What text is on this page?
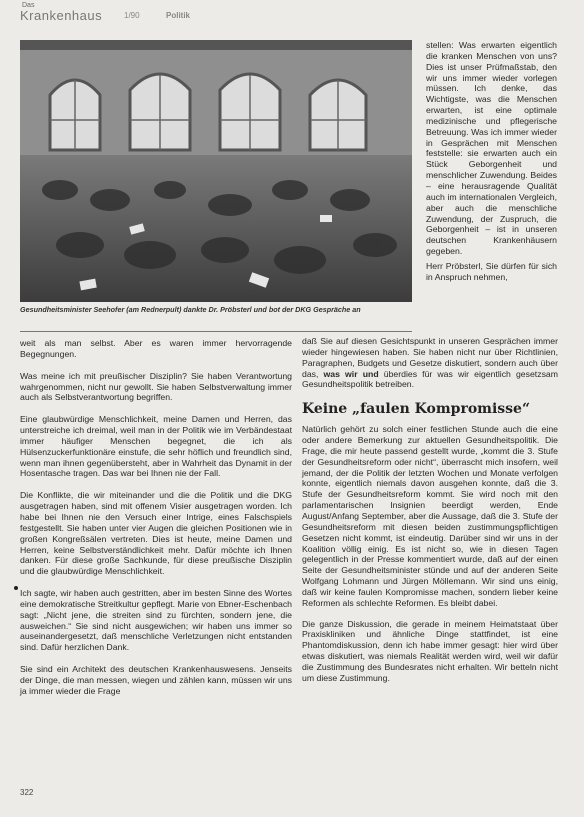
Das
Krankenhaus	1/90	Politik
Gesundheitsminister Seehofer (am Rednerpult) dankte Dr. Pröbsterl und bot der DKG Gespräche an
stellen: Was erwarten eigentlich die kranken Menschen von uns? Dies ist unser Prüfmaßstab, den wir uns immer wieder vorlegen müssen. Ich denke, das Wichtigste, was die Menschen erwarten, ist eine optimale medizinische und pflegerische Betreuung. Was ich immer wieder in Gesprächen mit Menschen feststelle: sie erwarten auch ein Stück Geborgenheit und menschlicher Zuwendung. Beides – eine herausragende Qualität auch im internationalen Vergleich, aber auch die menschliche Zuwendung, der Zuspruch, die Geborgenheit – ist in unseren deutschen Krankenhäusern gegeben.
Herr Pröbsterl, Sie dürfen für sich in Anspruch nehmen,

weit als man selbst. Aber es waren immer hervorragende Begegnungen.

Was meine ich mit preußischer Disziplin? Sie haben Verantwortung wahrgenommen, nicht nur gewollt. Sie haben Selbstverwaltung immer auch als Selbstverantwortung begriffen.

Eine glaubwürdige Menschlichkeit, meine Damen und Herren, das unterstreiche ich dreimal, weil man in der Politik wie im Verbändestaat immer häufiger Menschen begegnet, die ich als Hülsenzuckerfunktionäre einstufe, die sehr höflich und freundlich sind, wenn man ihnen gegenübersteht, aber in Wahrheit das Dynamit in der Hosentasche tragen. Das war bei Ihnen nie der Fall.

Die Konflikte, die wir miteinander und die die Politik und die DKG ausgetragen haben, sind mit offenem Visier ausgetragen worden. Ich habe bei Ihnen nie den Versuch einer Intrige, eines Falschspiels festgestellt. Sie haben unter vier Augen die gleichen Positionen wie in großen Kongreßsälen vertreten. Dies ist heute, meine Damen und Herren, keine Selbstverständlichkeit mehr. Dafür möchte ich Ihnen danken. Für diese große Sachkunde, für diese preußische Disziplin und die glaubwürdige Menschlichkeit.

Ich sagte, wir haben auch gestritten, aber im besten Sinne des Wortes eine demokratische Streitkultur gepflegt. Marie von Ebner-Eschenbach sagt: „Nicht jene, die streiten sind zu fürchten, sondern jene, die ausweichen.“ Sie sind nicht ausgewichen; wir haben uns immer so auseinandergesetzt, daß menschliche Verletzungen nicht entstanden sind. Dafür herzlichen Dank.

Sie sind ein Architekt des deutschen Krankenhauswesens. Jenseits der Dinge, die man messen, wiegen und zählen kann, müssen wir uns ja immer wieder die Frage

daß Sie auf diesen Gesichtspunkt in unseren Gesprächen immer wieder hingewiesen haben. Sie haben nicht nur über Richtlinien, Paragraphen, Budgets und Gesetze diskutiert, sondern auch über das, was wir und überdies für was wir eigentlich gesetzsam Gesundheitspolitik betreiben.

Keine „faulen Kompromisse“

Natürlich gehört zu solch einer festlichen Stunde auch die eine oder andere Bemerkung zur aktuellen Gesundheitspolitik. Die Frage, die mir heute passend gestellt wurde, „kommt die 3. Stufe der Gesundheitsreform oder nicht“, überrascht mich insofern, weil jemand, der die Politik der letzten Wochen und Monate verfolgen konnte, eigentlich niemals davon ausgehen konnte, daß die 3. Stufe der Gesundheitsreform kommt. Sie wird noch mit den parlamentarischen Insignien beerdigt werden, Ende August/Anfang September, aber die Aussage, daß die 3. Stufe der Gesundheitsreform mit diesen beiden zustimmungspflichtigen Gesetzen nicht kommt, ist eindeutig. Darüber sind wir uns in der Koalition völlig einig. Es ist nicht so, wie in diesen Tagen gelegentlich in der Presse kommentiert wurde, daß auf der einen Seite der Gesundheitsminister stünde und auf der anderen Seite Wolfgang Lohmann und Jürgen Möllemann. Wir sind uns einig, daß wir keine faulen Kompromisse machen, sondern lieber keine Reformen als schlechte Reformen. Es bleibt dabei.

Die ganze Diskussion, die gerade in meinem Heimatstaat über Praxiskliniken und ähnliche Dinge stattfindet, ist eine Phantomdiskussion, denn ich habe immer gesagt: hier wird über etwas diskutiert, was niemals Realität werden wird, weil wir dafür die Zustimmung des Bundesrates nicht erhalten. Wir betteln nicht um diese Zustimmung.

322
